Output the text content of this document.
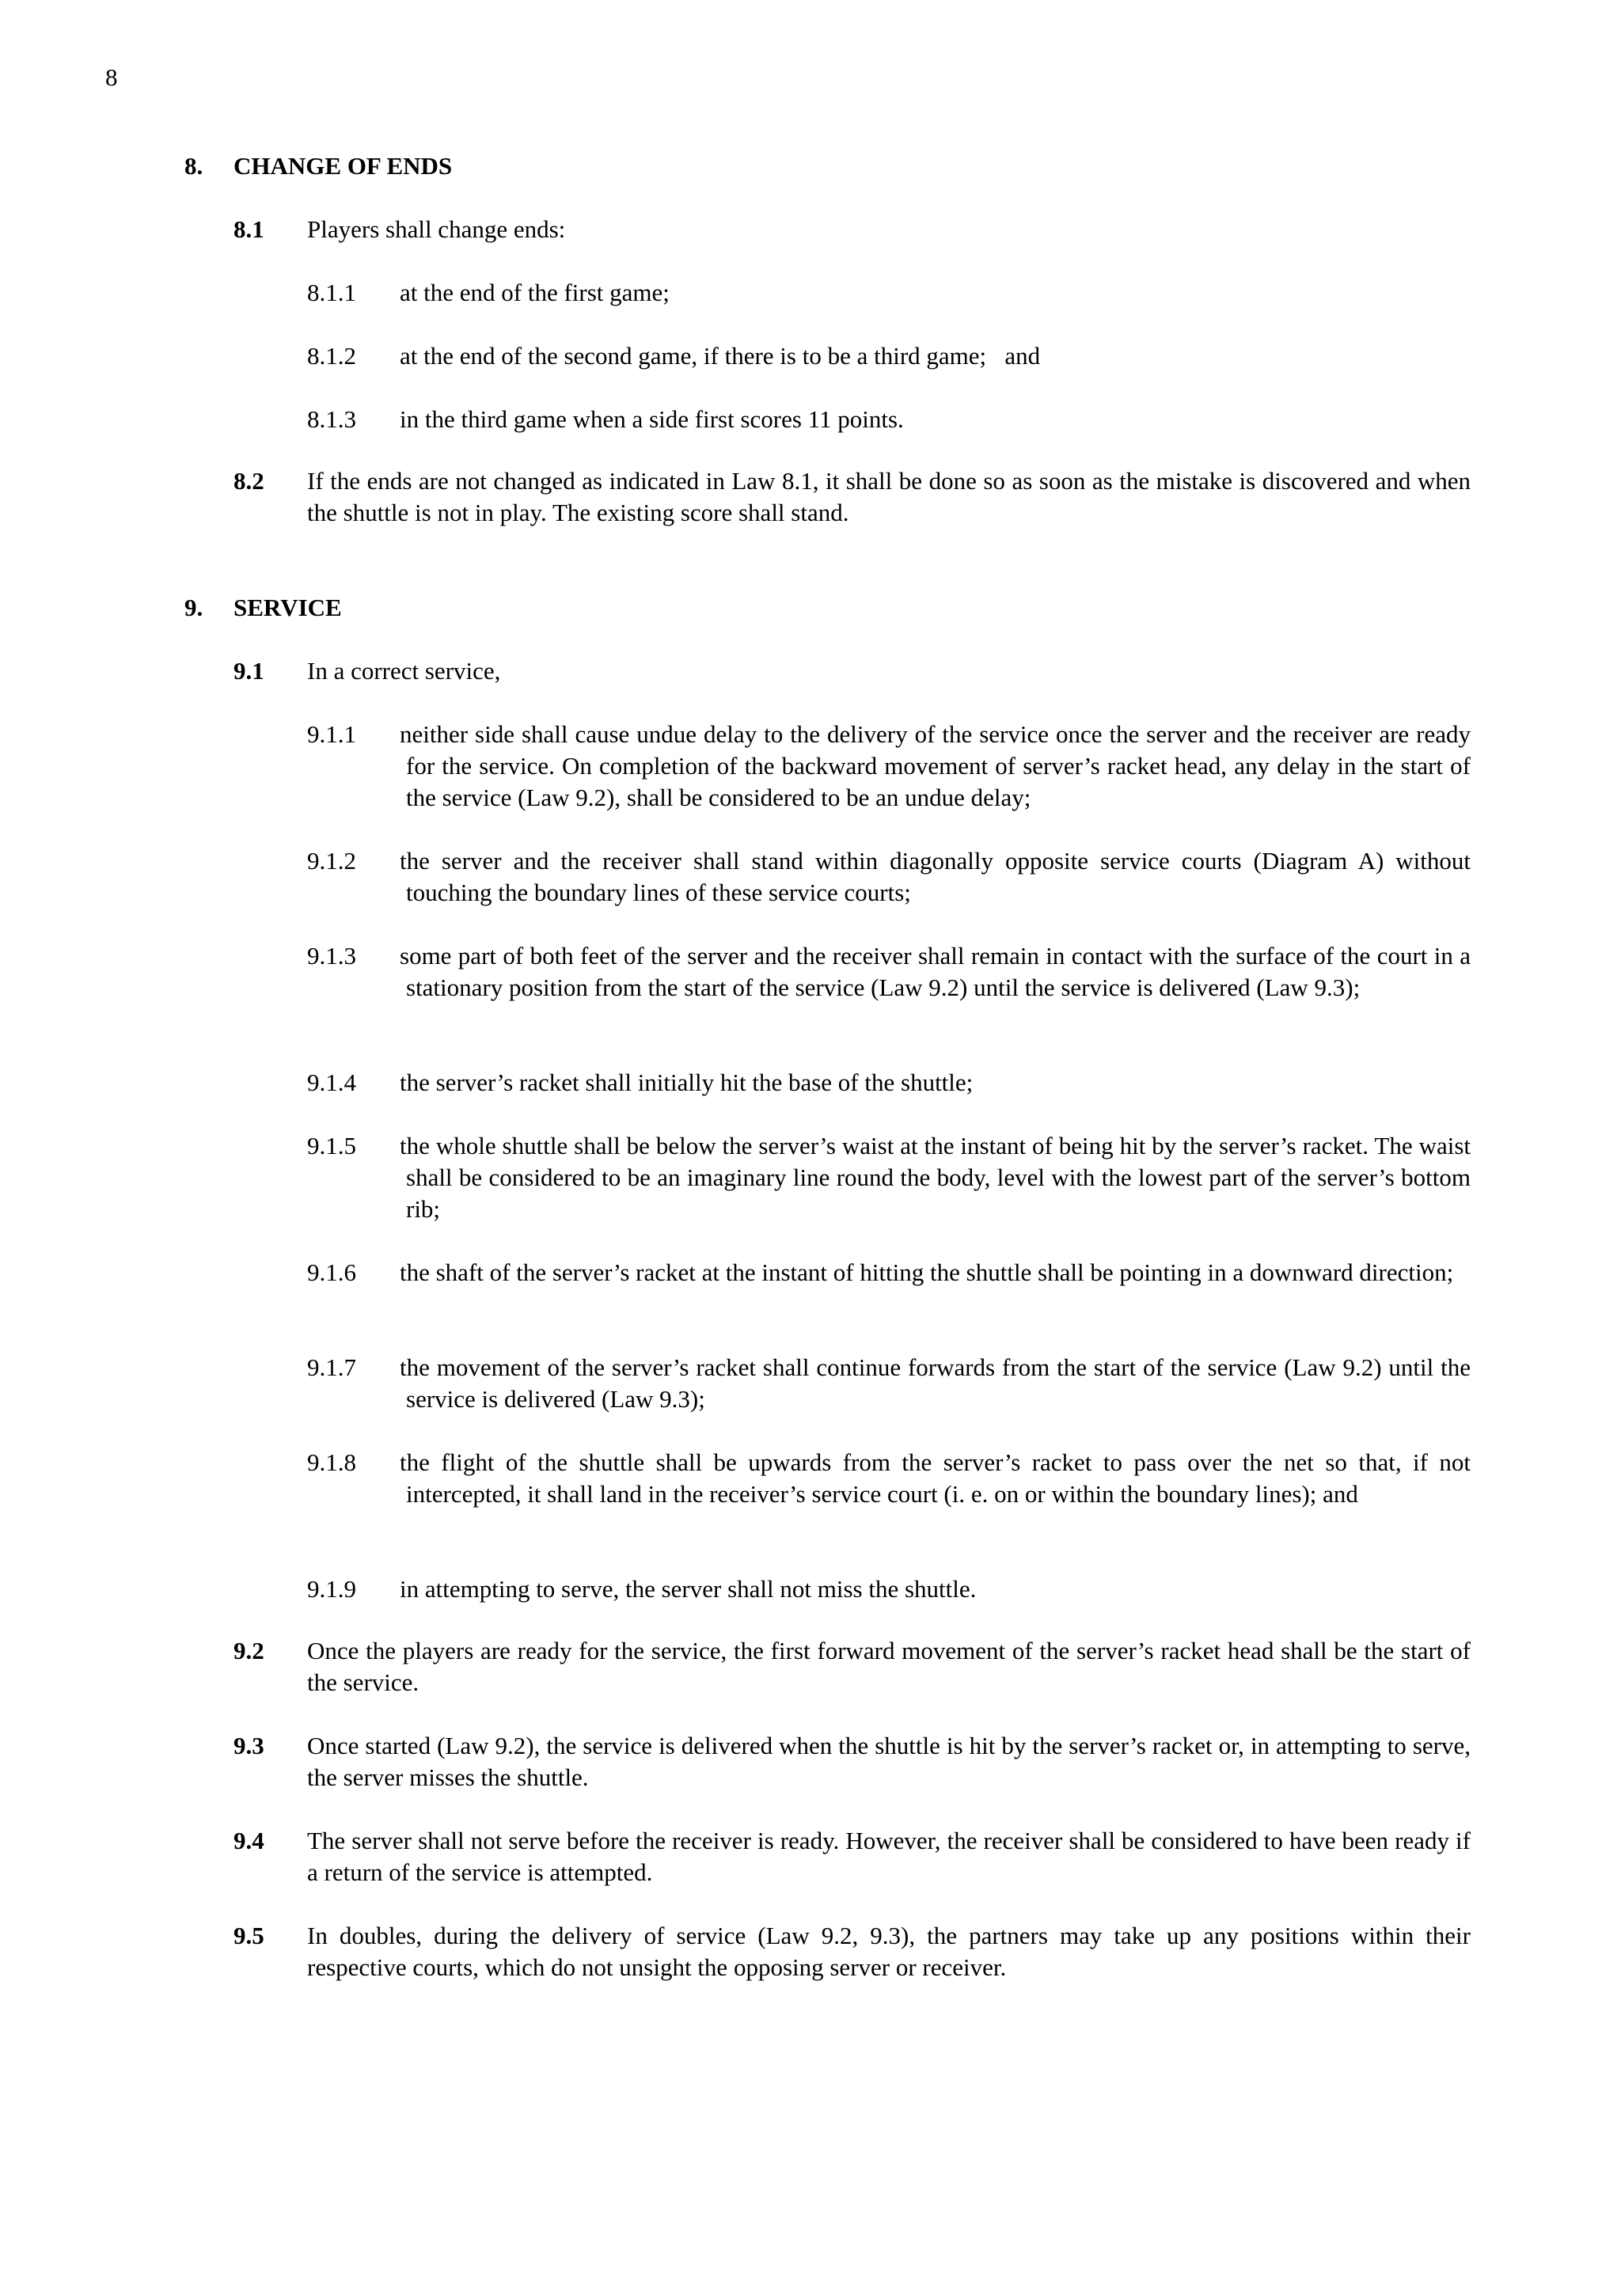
8
8. CHANGE OF ENDS
8.1 Players shall change ends:
8.1.1 at the end of the first game;
8.1.2 at the end of the second game, if there is to be a third game;   and
8.1.3 in the third game when a side first scores 11 points.
8.2 If the ends are not changed as indicated in Law 8.1, it shall be done so as soon as the mistake is discovered and when the shuttle is not in play. The existing score shall stand.
9. SERVICE
9.1 In a correct service,
9.1.1 neither side shall cause undue delay to the delivery of the service once the server and the receiver are ready for the service. On completion of the backward movement of server’s racket head, any delay in the start of the service (Law 9.2), shall be considered to be an undue delay;
9.1.2 the server and the receiver shall stand within diagonally opposite service courts (Diagram A) without touching the boundary lines of these service courts;
9.1.3 some part of both feet of the server and the receiver shall remain in contact with the surface of the court in a stationary position from the start of the service (Law 9.2) until the service is delivered (Law 9.3);
9.1.4 the server’s racket shall initially hit the base of the shuttle;
9.1.5 the whole shuttle shall be below the server’s waist at the instant of being hit by the server’s racket. The waist shall be considered to be an imaginary line round the body, level with the lowest part of the server’s bottom rib;
9.1.6 the shaft of the server’s racket at the instant of hitting the shuttle shall be pointing in a downward direction;
9.1.7 the movement of the server’s racket shall continue forwards from the start of the service (Law 9.2) until the service is delivered (Law 9.3);
9.1.8 the flight of the shuttle shall be upwards from the server’s racket to pass over the net so that, if not intercepted, it shall land in the receiver’s service court (i. e. on or within the boundary lines); and
9.1.9 in attempting to serve, the server shall not miss the shuttle.
9.2 Once the players are ready for the service, the first forward movement of the server’s racket head shall be the start of the service.
9.3 Once started (Law 9.2), the service is delivered when the shuttle is hit by the server’s racket or, in attempting to serve, the server misses the shuttle.
9.4 The server shall not serve before the receiver is ready. However, the receiver shall be considered to have been ready if a return of the service is attempted.
9.5 In doubles, during the delivery of service (Law 9.2, 9.3), the partners may take up any positions within their respective courts, which do not unsight the opposing server or receiver.
